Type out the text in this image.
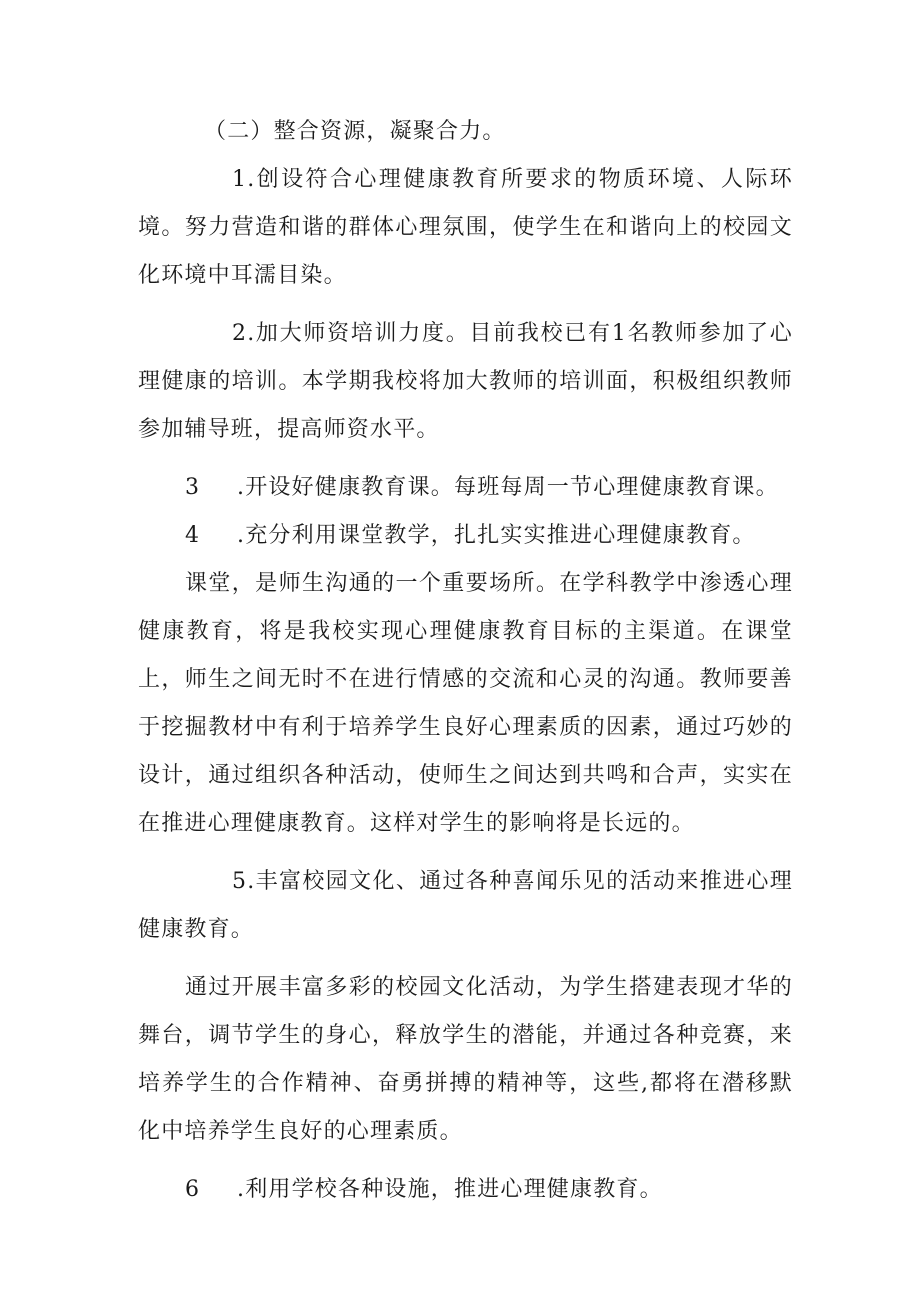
（二）整合资源，凝聚合力。

1.创设符合心理健康教育所要求的物质环境、人际环境。努力营造和谐的群体心理氛围，使学生在和谐向上的校园文化环境中耳濡目染。

2.加大师资培训力度。目前我校已有1名教师参加了心理健康的培训。本学期我校将加大教师的培训面，积极组织教师参加辅导班，提高师资水平。

3 .开设好健康教育课。每班每周一节心理健康教育课。

4 .充分利用课堂教学，扎扎实实推进心理健康教育。

课堂，是师生沟通的一个重要场所。在学科教学中渗透心理健康教育，将是我校实现心理健康教育目标的主渠道。在课堂上，师生之间无时不在进行情感的交流和心灵的沟通。教师要善于挖掘教材中有利于培养学生良好心理素质的因素，通过巧妙的设计，通过组织各种活动，使师生之间达到共鸣和合声，实实在在推进心理健康教育。这样对学生的影响将是长远的。

5.丰富校园文化、通过各种喜闻乐见的活动来推进心理健康教育。

通过开展丰富多彩的校园文化活动，为学生搭建表现才华的舞台，调节学生的身心，释放学生的潜能，并通过各种竞赛，来培养学生的合作精神、奋勇拼搏的精神等，这些,都将在潜移默化中培养学生良好的心理素质。

6 .利用学校各种设施，推进心理健康教育。
